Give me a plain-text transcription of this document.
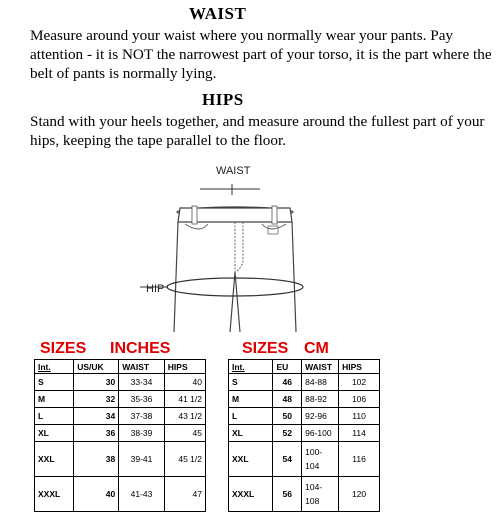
WAIST

Measure around your waist where you normally wear your pants. Pay attention - it is NOT the narrowest part of your torso, it is the part where the belt of pants is normally lying.

HIPS

Stand with your heels together, and measure around the fullest part of your hips, keeping the tape parallel to the floor.

WAIST
HIP
SIZES INCHES
Int.	US/UK	WAIST	HIPS
S	30	33-34	40
M	32	35-36	41 1/2
L	34	37-38	43 1/2
XL	36	38-39	45
XXL	38	39-41	45 1/2
XXXL	40	41-43	47
SIZES CM
Int.	EU	WAIST	HIPS
S	46	84-88	102
M	48	88-92	106
L	50	92-96	110
XL	52	96-100	114
XXL	54	100-104	116
XXXL	56	104-108	120
